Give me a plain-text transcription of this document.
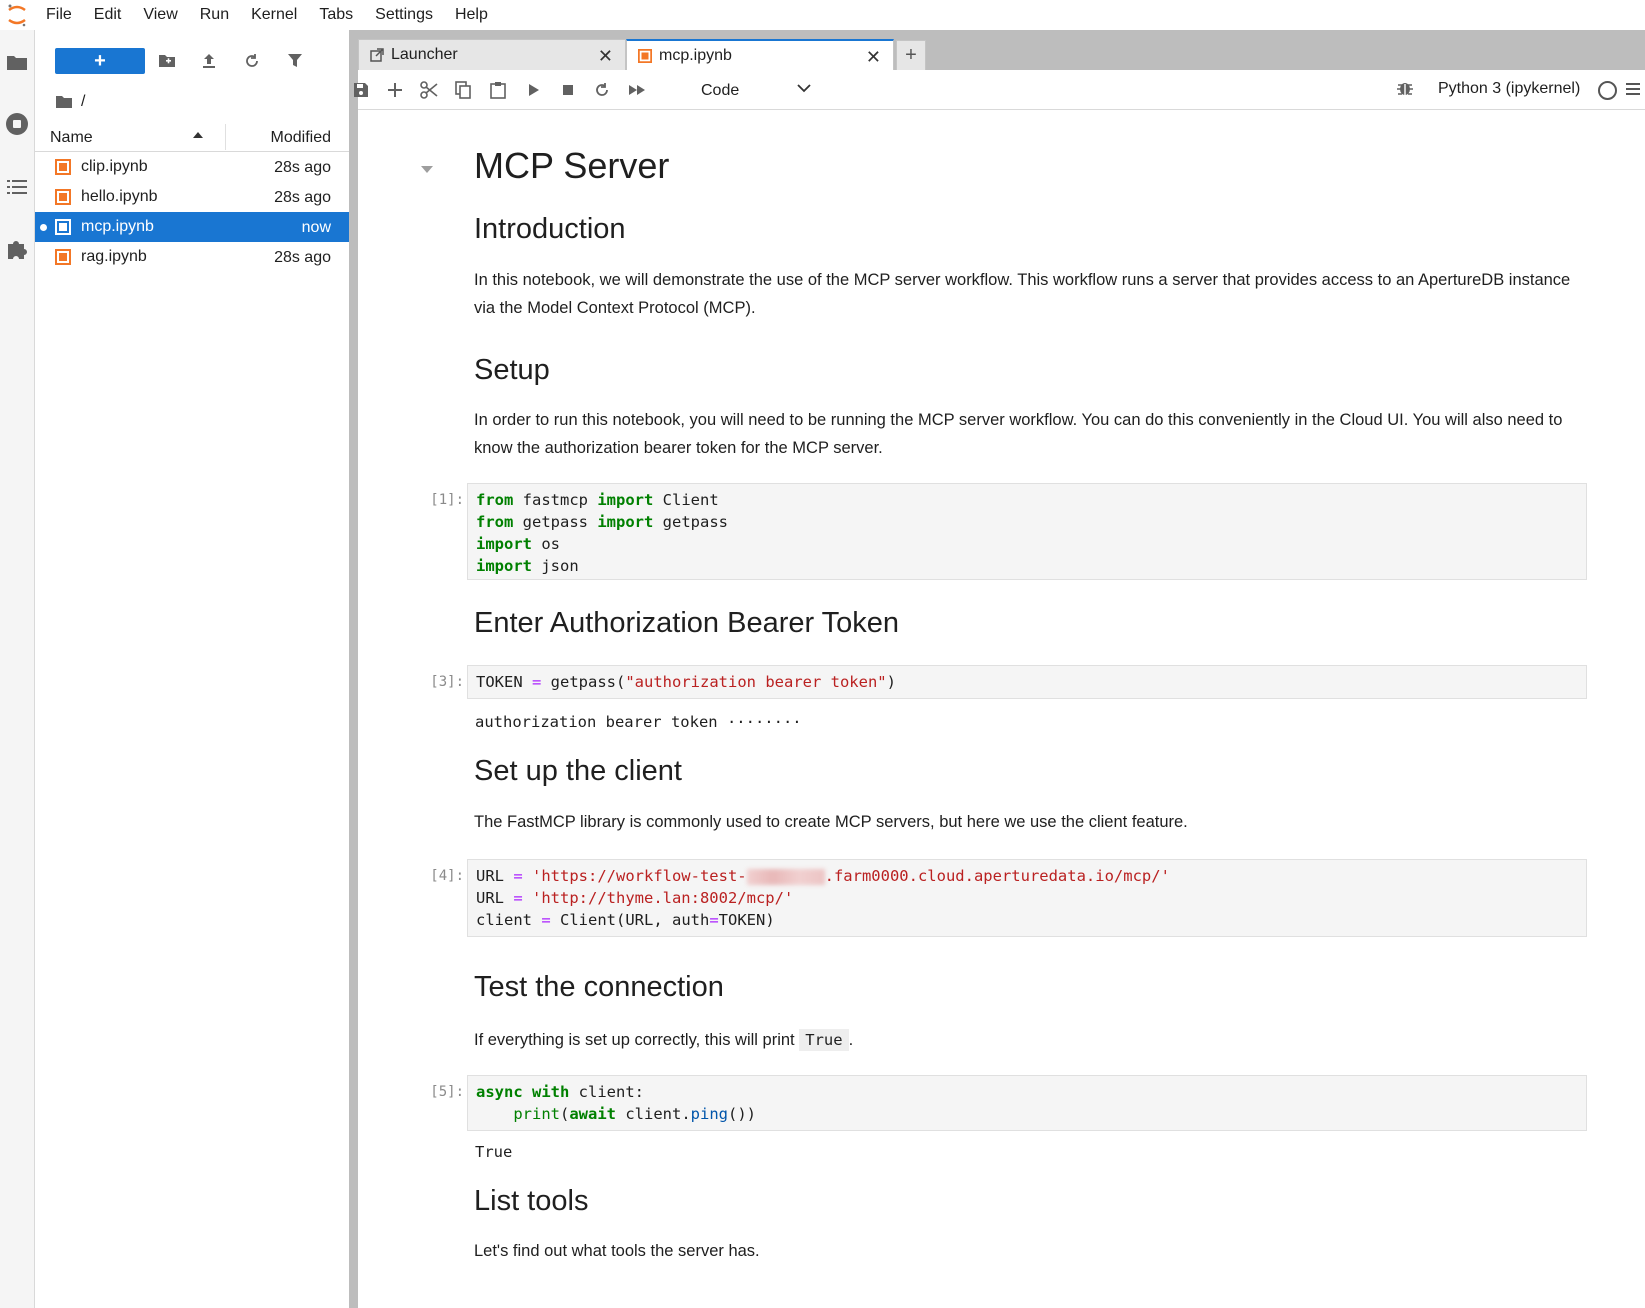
File	Edit	View	Run	Kernel	Tabs	Settings	Help
+
/
Name	Modified
clip.ipynb	28s ago
hello.ipynb	28s ago
mcp.ipynb	now
rag.ipynb	28s ago
Launcher	✕	mcp.ipynb	✕	+
Code	Python 3 (ipykernel)
MCP Server
Introduction
In this notebook, we will demonstrate the use of the MCP server workflow. This workflow runs a server that provides access to an ApertureDB instance via the Model Context Protocol (MCP).
Setup
In order to run this notebook, you will need to be running the MCP server workflow. You can do this conveniently in the Cloud UI. You will also need to know the authorization bearer token for the MCP server.
[1]: from fastmcp import Client
from getpass import getpass
import os
import json
Enter Authorization Bearer Token
[3]: TOKEN = getpass("authorization bearer token")
authorization bearer token ········
Set up the client
The FastMCP library is commonly used to create MCP servers, but here we use the client feature.
[4]: URL = 'https://workflow-test-	.farm0000.cloud.aperturedata.io/mcp/'
URL = 'http://thyme.lan:8002/mcp/'
client = Client(URL, auth=TOKEN)
Test the connection
If everything is set up correctly, this will print True .
[5]: async with client:
print(await client.ping())
True
List tools
Let's find out what tools the server has.
